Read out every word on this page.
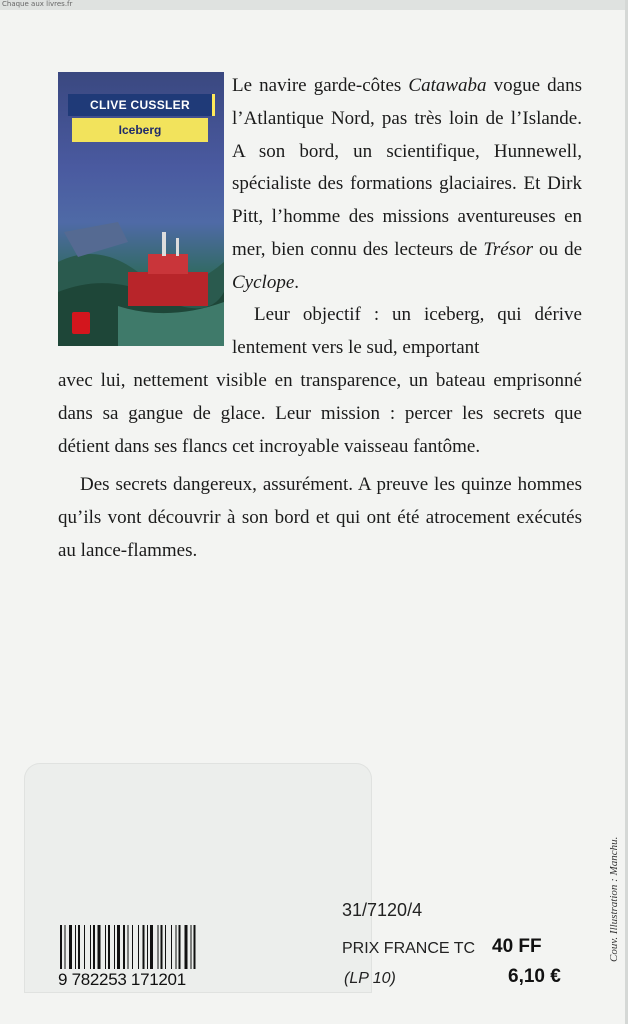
Chaque aux livres.fr
CLIVE CUSSLER
Iceberg

Le navire garde-côtes Catawaba vogue dans l’Atlantique Nord, pas très loin de l’Islande. A son bord, un scientifique, Hunnewell, spécialiste des formations glaciaires. Et Dirk Pitt, l’homme des missions aventureuses en mer, bien connu des lecteurs de Trésor ou de Cyclope.

Leur objectif : un iceberg, qui dérive lentement vers le sud, emportant

avec lui, nettement visible en transparence, un bateau emprisonné dans sa gangue de glace. Leur mission : percer les secrets que détient dans ses flancs cet incroyable vaisseau fantôme.

Des secrets dangereux, assurément. A preuve les quinze hommes qu’ils vont découvrir à son bord et qui ont été atrocement exécutés au lance-flammes.

9 782253 171201
31/7120/4
PRIX FRANCE TC 40 FF
(LP 10)	6,10 €
Couv. Illustration : Manchu.
